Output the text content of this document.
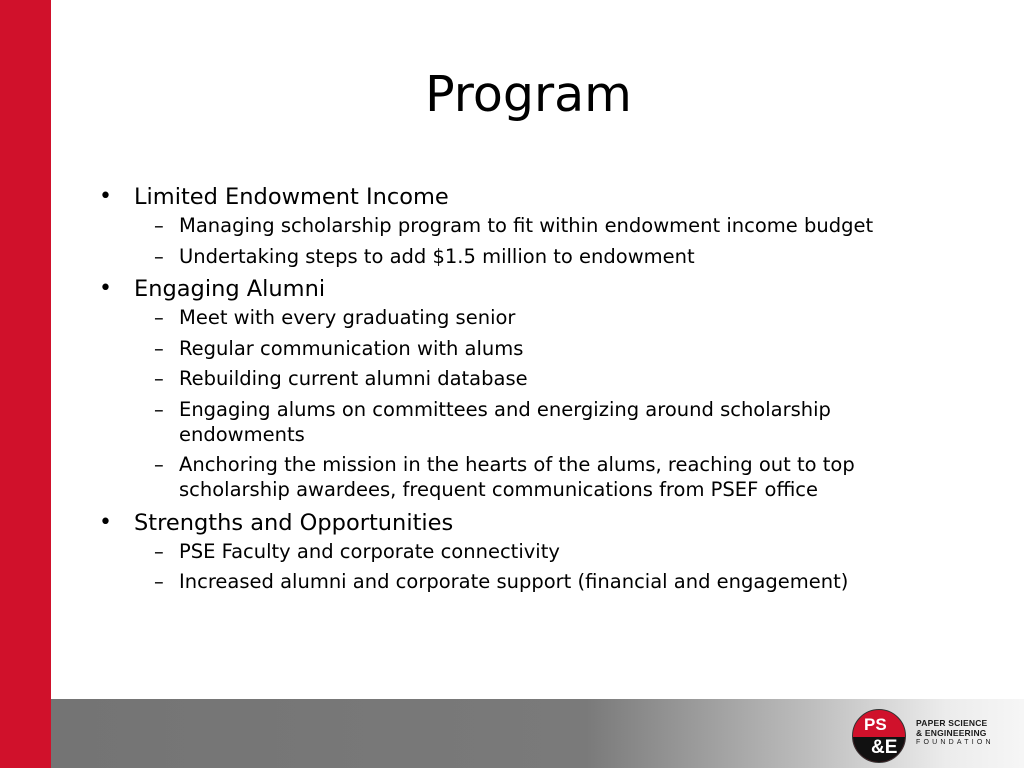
Program
• Limited Endowment Income
– Managing scholarship program to fit within endowment income budget
– Undertaking steps to add $1.5 million to endowment
• Engaging Alumni
– Meet with every graduating senior
– Regular communication with alums
– Rebuilding current alumni database
– Engaging alums on committees and energizing around scholarship endowments
– Anchoring the mission in the hearts of the alums, reaching out to top scholarship awardees, frequent communications from PSEF office
• Strengths and Opportunities
– PSE Faculty and corporate connectivity
– Increased alumni and corporate support (financial and engagement)
PS
&E
PAPER SCIENCE
& ENGINEERING
FOUNDATION
